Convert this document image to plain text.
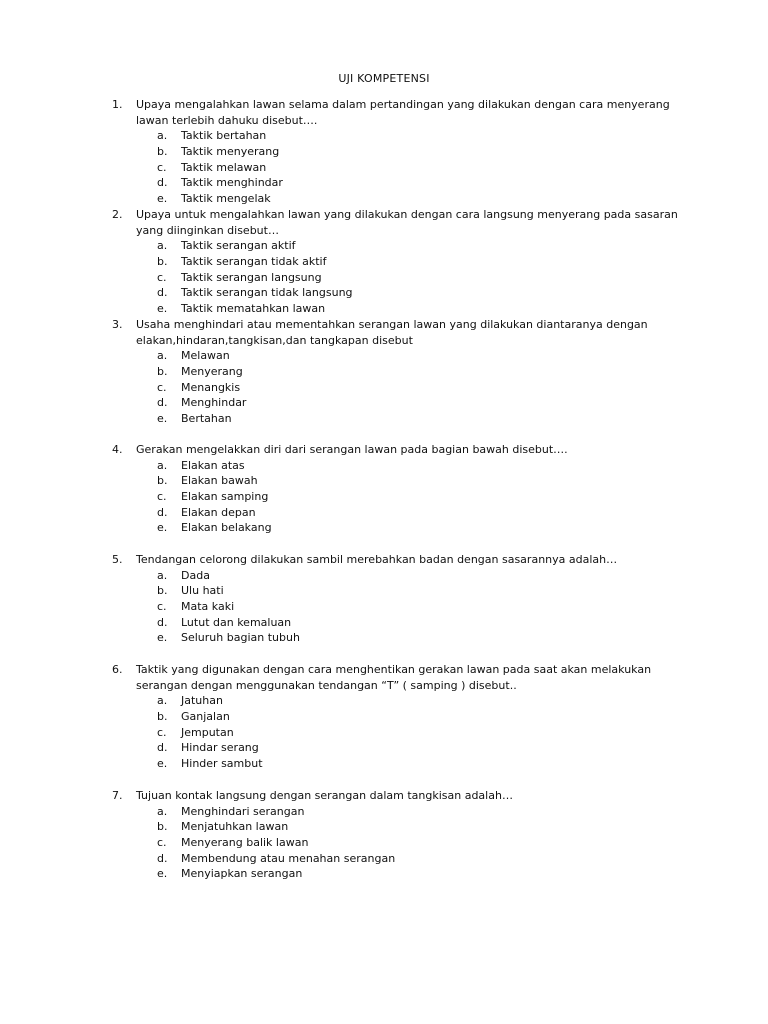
UJI KOMPETENSI
1.	Upaya mengalahkan lawan selama dalam pertandingan yang dilakukan dengan cara menyerang lawan terlebih dahuku disebut….
a.	Taktik bertahan
b.	Taktik menyerang
c.	Taktik melawan
d.	Taktik menghindar
e.	Taktik mengelak
2.	Upaya untuk mengalahkan lawan yang dilakukan dengan cara langsung menyerang pada sasaran yang diinginkan disebut…
a.	Taktik serangan aktif
b.	Taktik serangan tidak aktif
c.	Taktik serangan langsung
d.	Taktik serangan tidak langsung
e.	Taktik mematahkan lawan
3.	Usaha menghindari atau mementahkan serangan lawan yang dilakukan diantaranya dengan elakan,hindaran,tangkisan,dan tangkapan disebut
a.	Melawan
b.	Menyerang
c.	Menangkis
d.	Menghindar
e.	Bertahan
4.	Gerakan mengelakkan diri dari serangan lawan pada bagian bawah disebut….
a.	Elakan atas
b.	Elakan bawah
c.	Elakan samping
d.	Elakan depan
e.	Elakan belakang
5.	Tendangan celorong dilakukan sambil merebahkan badan dengan sasarannya adalah…
a.	Dada
b.	Ulu hati
c.	Mata kaki
d.	Lutut dan kemaluan
e.	Seluruh bagian tubuh
6.	Taktik yang digunakan dengan cara menghentikan gerakan lawan pada saat akan melakukan serangan dengan menggunakan tendangan “T” ( samping ) disebut..
a.	Jatuhan
b.	Ganjalan
c.	Jemputan
d.	Hindar serang
e.	Hinder sambut
7.	Tujuan kontak langsung dengan serangan dalam tangkisan adalah…
a.	Menghindari serangan
b.	Menjatuhkan lawan
c.	Menyerang balik lawan
d.	Membendung atau menahan serangan
e.	Menyiapkan serangan
